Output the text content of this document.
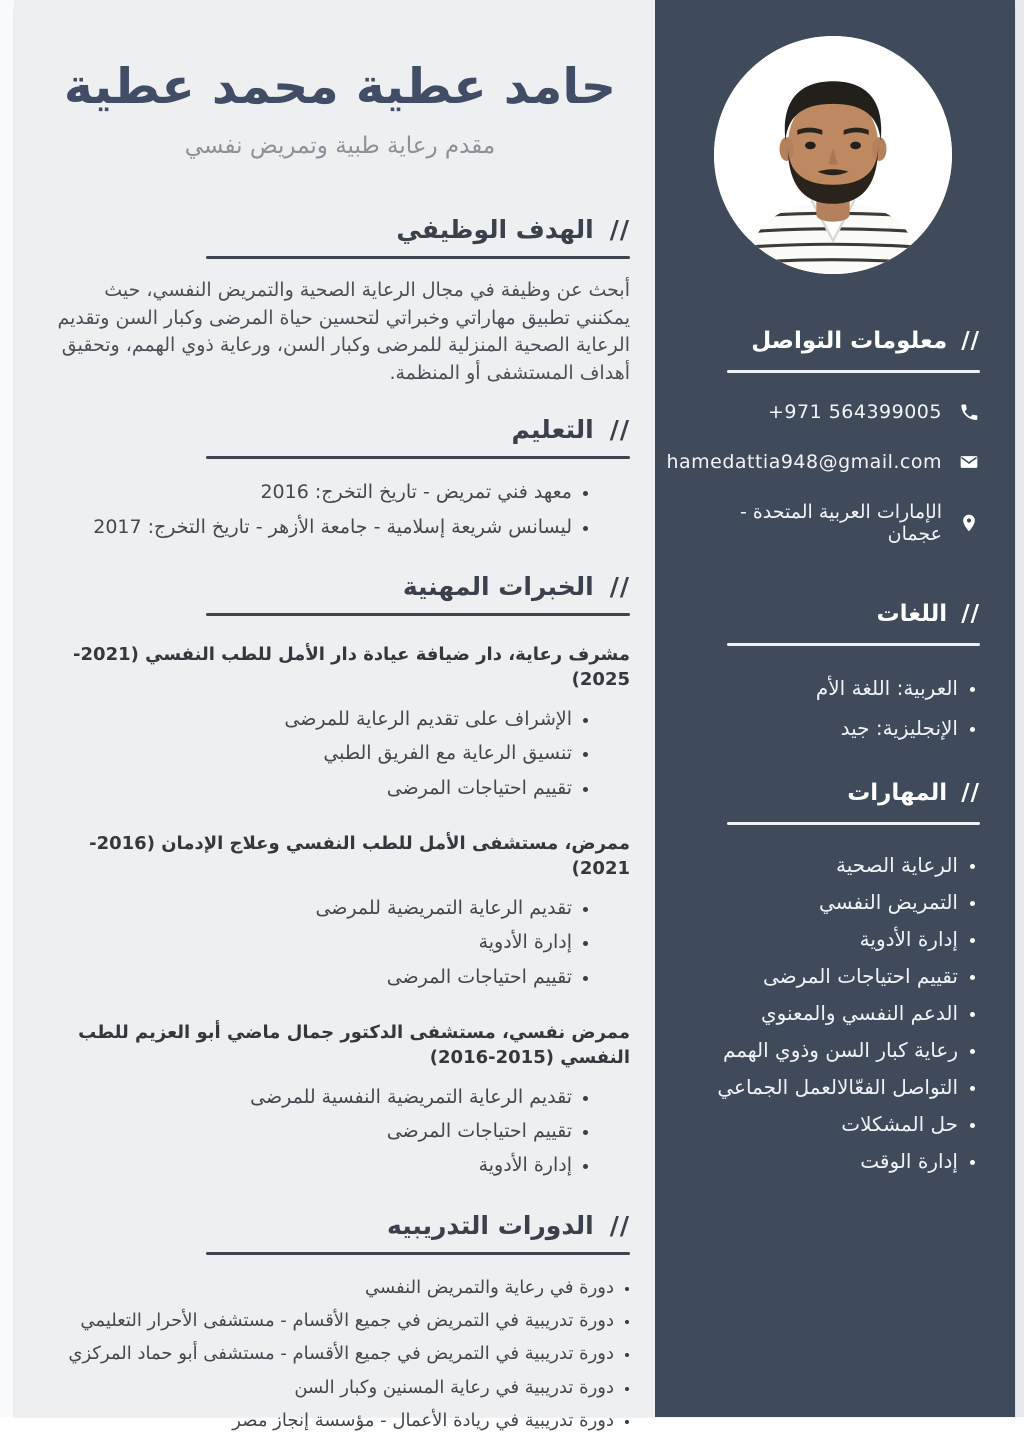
//
معلومات التواصل
+971 564399005
hamedattia948@gmail.com
الإمارات العربية المتحدة - عجمان
//
اللغات
• العربية: اللغة الأم
• الإنجليزية: جيد
//
المهارات
• الرعاية الصحية
• التمريض النفسي
• إدارة الأدوية
• تقييم احتياجات المرضى
• الدعم النفسي والمعنوي
• رعاية كبار السن وذوي الهمم
• التواصل الفعّالالعمل الجماعي
• حل المشكلات
• إدارة الوقت
حامد عطية محمد عطية
مقدم رعاية طبية وتمريض نفسي
//
الهدف الوظيفي

أبحث عن وظيفة في مجال الرعاية الصحية والتمريض النفسي، حيث يمكنني تطبيق مهاراتي وخبراتي لتحسين حياة المرضى وكبار السن وتقديم الرعاية الصحية المنزلية للمرضى وكبار السن، ورعاية ذوي الهمم، وتحقيق أهداف المستشفى أو المنظمة.

//
التعليم
• معهد فني تمريض - تاريخ التخرج: 2016
• ليسانس شريعة إسلامية - جامعة الأزهر - تاريخ التخرج: 2017
//
الخبرات المهنية
مشرف رعاية، دار ضيافة عيادة دار الأمل للطب النفسي (2021-2025)
• الإشراف على تقديم الرعاية للمرضى
• تنسيق الرعاية مع الفريق الطبي
• تقييم احتياجات المرضى
ممرض، مستشفى الأمل للطب النفسي وعلاج الإدمان (2016-2021)
• تقديم الرعاية التمريضية للمرضى
• إدارة الأدوية
• تقييم احتياجات المرضى
ممرض نفسي، مستشفى الدكتور جمال ماضي أبو العزيم للطب النفسي (2015-2016)
• تقديم الرعاية التمريضية النفسية للمرضى
• تقييم احتياجات المرضى
• إدارة الأدوية
//
الدورات التدريبيه
• دورة في رعاية والتمريض النفسي
• دورة تدريبية في التمريض في جميع الأقسام - مستشفى الأحرار التعليمي
• دورة تدريبية في التمريض في جميع الأقسام - مستشفى أبو حماد المركزي
• دورة تدريبية في رعاية المسنين وكبار السن
• دورة تدريبية في ريادة الأعمال - مؤسسة إنجاز مصر
